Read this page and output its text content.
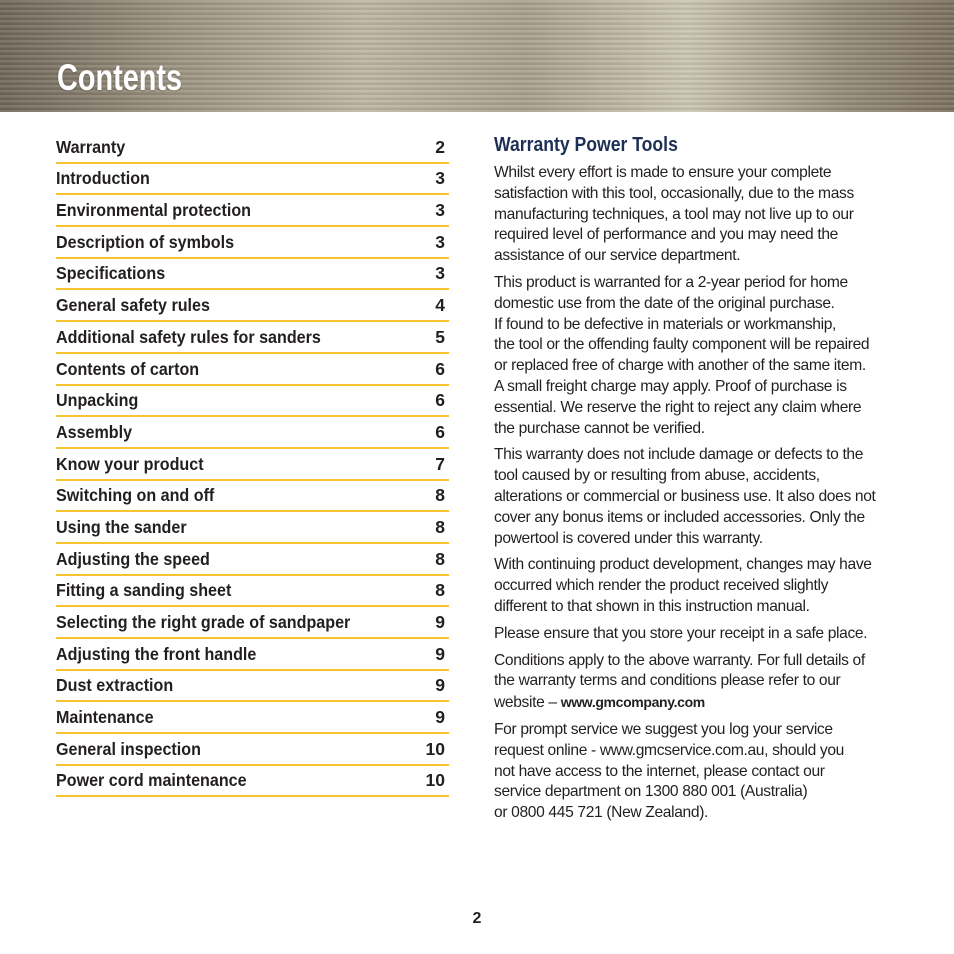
Contents
Warranty	2
Introduction	3
Environmental protection	3
Description of symbols	3
Specifications	3
General safety rules	4
Additional safety rules for sanders	5
Contents of carton	6
Unpacking	6
Assembly	6
Know your product	7
Switching on and off	8
Using the sander	8
Adjusting the speed	8
Fitting a sanding sheet	8
Selecting the right grade of sandpaper	9
Adjusting the front handle	9
Dust extraction	9
Maintenance	9
General inspection	10
Power cord maintenance	10
Warranty Power Tools

Whilst every effort is made to ensure your complete
satisfaction with this tool, occasionally, due to the mass
manufacturing techniques, a tool may not live up to our
required level of performance and you may need the
assistance of our service department.

This product is warranted for a 2-year period for home
domestic use from the date of the original purchase.
If found to be defective in materials or workmanship,
the tool or the offending faulty component will be repaired
or replaced free of charge with another of the same item.
A small freight charge may apply. Proof of purchase is
essential. We reserve the right to reject any claim where
the purchase cannot be verified.

This warranty does not include damage or defects to the
tool caused by or resulting from abuse, accidents,
alterations or commercial or business use. It also does not
cover any bonus items or included accessories. Only the
powertool is covered under this warranty.

With continuing product development, changes may have
occurred which render the product received slightly
different to that shown in this instruction manual.

Please ensure that you store your receipt in a safe place.

Conditions apply to the above warranty. For full details of
the warranty terms and conditions please refer to our
website – www.gmcompany.com

For prompt service we suggest you log your service
request online - www.gmcservice.com.au, should you
not have access to the internet, please contact our
service department on 1300 880 001 (Australia)
or 0800 445 721 (New Zealand).

2
